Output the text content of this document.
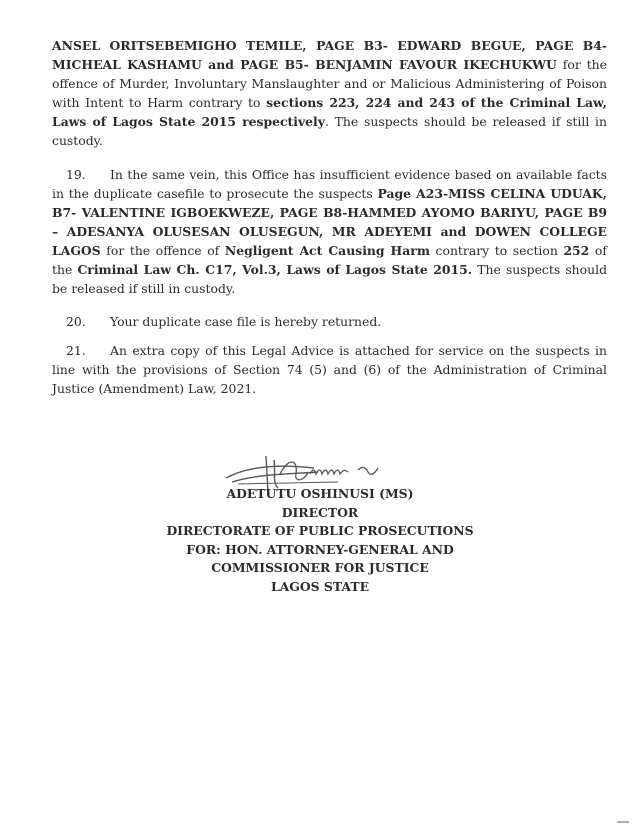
ANSEL ORITSEBEMIGHO TEMILE, PAGE B3- EDWARD BEGUE, PAGE B4-MICHEAL KASHAMU and PAGE B5- BENJAMIN FAVOUR IKECHUKWU for the offence of Murder, Involuntary Manslaughter and or Malicious Administering of Poison with Intent to Harm contrary to sections 223, 224 and 243 of the Criminal Law, Laws of Lagos State 2015 respectively. The suspects should be released if still in custody.

19. In the same vein, this Office has insufficient evidence based on available facts in the duplicate casefile to prosecute the suspects Page A23-MISS CELINA UDUAK, B7- VALENTINE IGBOEKWEZE, PAGE B8-HAMMED AYOMO BARIYU, PAGE B9 – ADESANYA OLUSESAN OLUSEGUN, MR ADEYEMI and DOWEN COLLEGE LAGOS for the offence of Negligent Act Causing Harm contrary to section 252 of the Criminal Law Ch. C17, Vol.3, Laws of Lagos State 2015. The suspects should be released if still in custody.

20. Your duplicate case file is hereby returned.

21. An extra copy of this Legal Advice is attached for service on the suspects in line with the provisions of Section 74 (5) and (6) of the Administration of Criminal Justice (Amendment) Law, 2021.

ADETUTU OSHINUSI (MS)
DIRECTOR
DIRECTORATE OF PUBLIC PROSECUTIONS
FOR: HON. ATTORNEY-GENERAL AND
COMMISSIONER FOR JUSTICE
LAGOS STATE
